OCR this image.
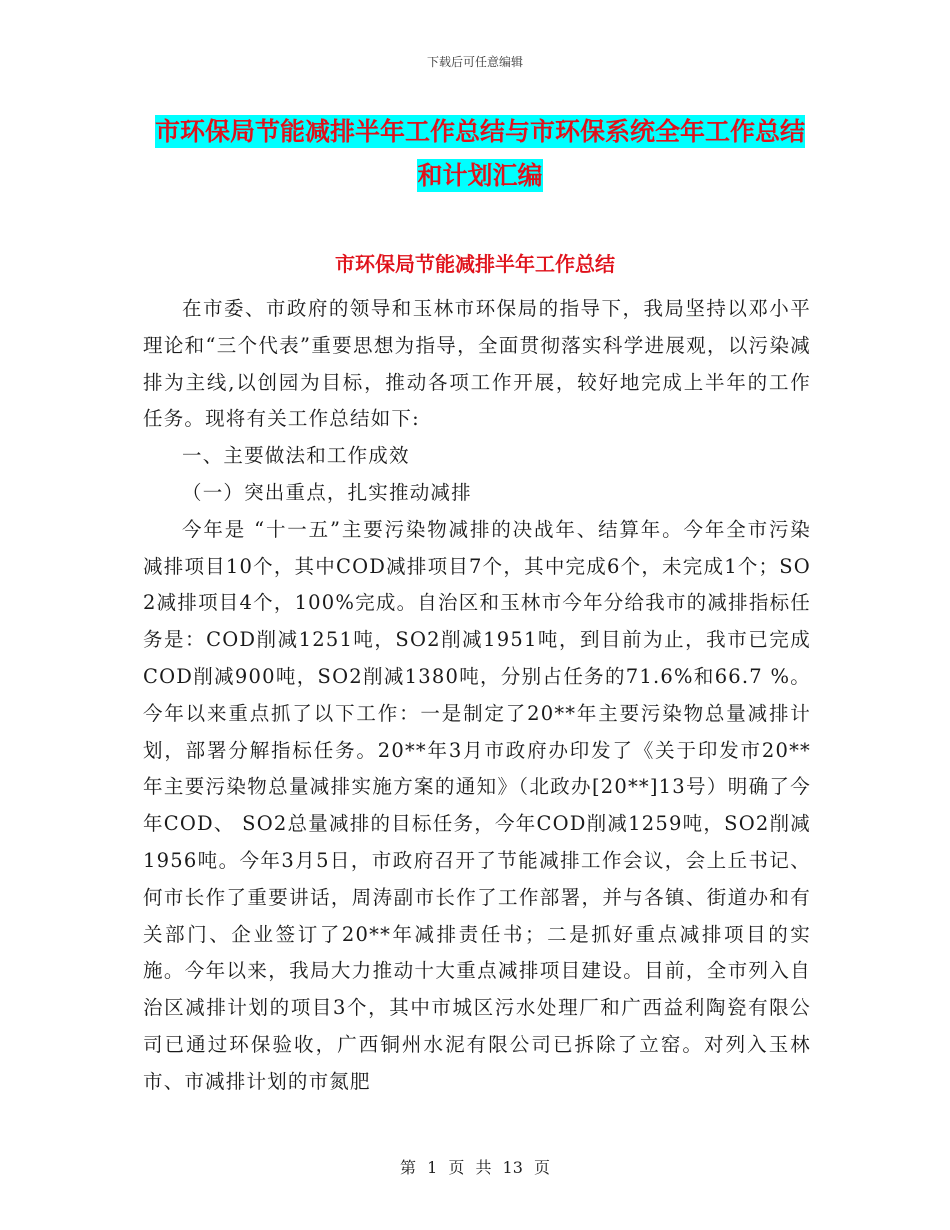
下载后可任意编辑
市环保局节能减排半年工作总结与市环保系统全年工作总结和计划汇编
市环保局节能减排半年工作总结

在市委、市政府的领导和玉林市环保局的指导下，我局坚持以邓小平理论和“三个代表”重要思想为指导，全面贯彻落实科学进展观，以污染减排为主线,以创园为目标，推动各项工作开展，较好地完成上半年的工作任务。现将有关工作总结如下:

一、主要做法和工作成效

（一）突出重点，扎实推动减排

今年是 “十一五”主要污染物减排的决战年、结算年。今年全市污染减排项目10个，其中COD减排项目7个，其中完成6个，未完成1个；SO2减排项目4个，100%完成。自治区和玉林市今年分给我市的减排指标任务是：COD削减1251吨，SO2削减1951吨，到目前为止，我市已完成COD削减900吨，SO2削减1380吨，分别占任务的71.6%和66.7 %。今年以来重点抓了以下工作：一是制定了20**年主要污染物总量减排计划，部署分解指标任务。20**年3月市政府办印发了《关于印发市20**年主要污染物总量减排实施方案的通知》（北政办[20**]13号）明确了今年COD、 SO2总量减排的目标任务，今年COD削减1259吨，SO2削减1956吨。今年3月5日，市政府召开了节能减排工作会议，会上丘书记、何市长作了重要讲话，周涛副市长作了工作部署，并与各镇、街道办和有关部门、企业签订了20**年减排责任书；二是抓好重点减排项目的实施。今年以来，我局大力推动十大重点减排项目建设。目前，全市列入自治区减排计划的项目3个，其中市城区污水处理厂和广西益利陶瓷有限公司已通过环保验收，广西铜州水泥有限公司已拆除了立窑。对列入玉林市、市减排计划的市氮肥

第 1 页 共 13 页
